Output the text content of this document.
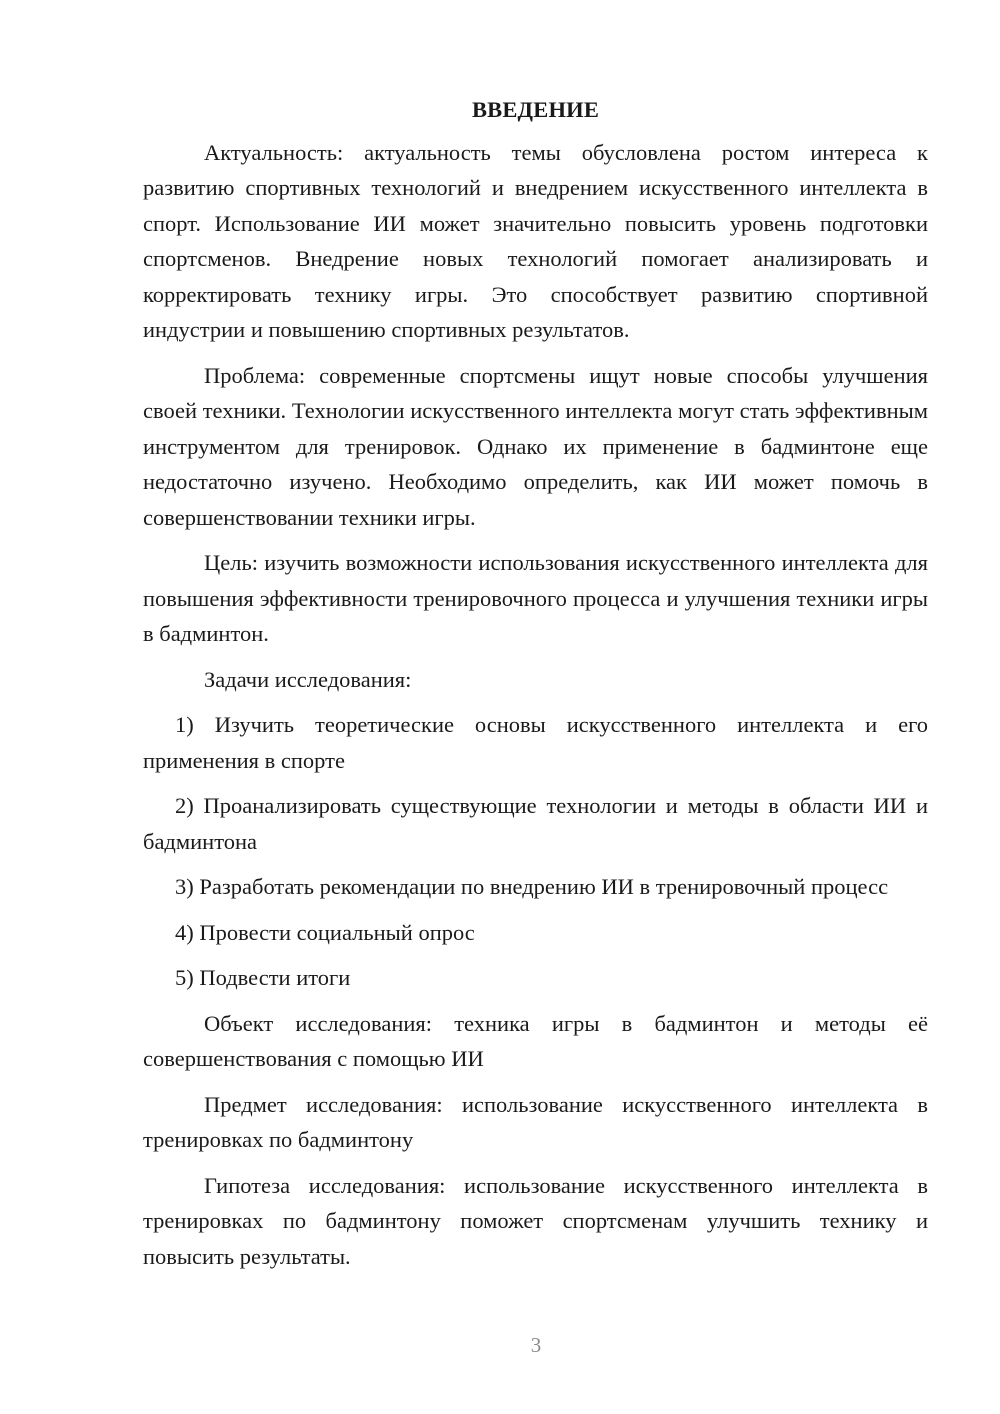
ВВЕДЕНИЕ

Актуальность: актуальность темы обусловлена ростом интереса к развитию спортивных технологий и внедрением искусственного интеллекта в спорт. Использование ИИ может значительно повысить уровень подготовки спортсменов. Внедрение новых технологий помогает анализировать и корректировать технику игры. Это способствует развитию спортивной индустрии и повышению спортивных результатов.

Проблема: современные спортсмены ищут новые способы улучшения своей техники. Технологии искусственного интеллекта могут стать эффективным инструментом для тренировок. Однако их применение в бадминтоне еще недостаточно изучено. Необходимо определить, как ИИ может помочь в совершенствовании техники игры.

Цель: изучить возможности использования искусственного интеллекта для повышения эффективности тренировочного процесса и улучшения техники игры в бадминтон.

Задачи исследования:

1) Изучить теоретические основы искусственного интеллекта и его применения в спорте

2) Проанализировать существующие технологии и методы в области ИИ и бадминтона

3) Разработать рекомендации по внедрению ИИ в тренировочный процесс

4) Провести социальный опрос

5) Подвести итоги

Объект исследования: техника игры в бадминтон и методы её совершенствования с помощью ИИ

Предмет исследования: использование искусственного интеллекта в тренировках по бадминтону

Гипотеза исследования: использование искусственного интеллекта в тренировках по бадминтону поможет спортсменам улучшить технику и повысить результаты.

3
